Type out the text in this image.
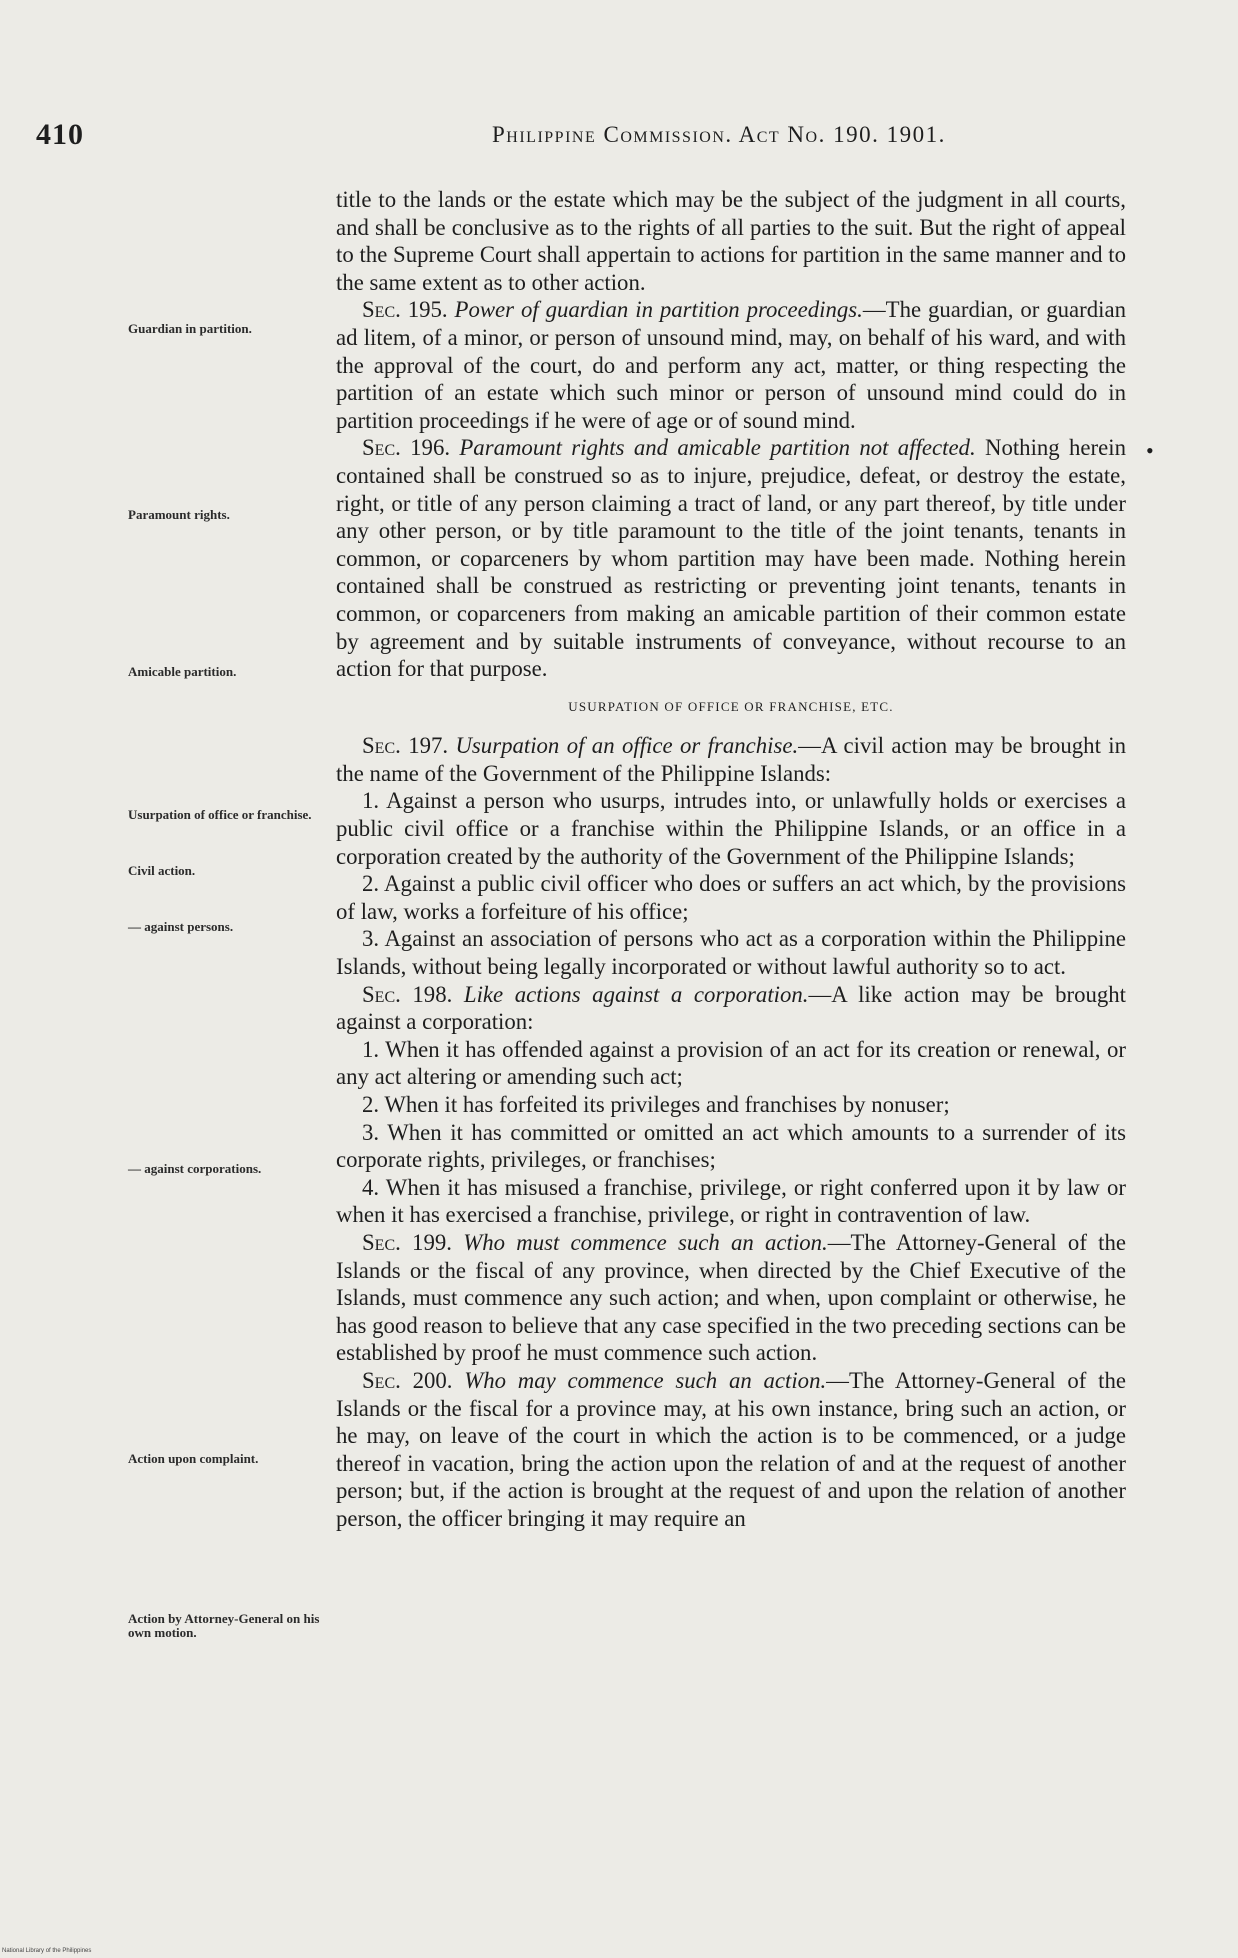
410	Philippine Commission. Act No. 190. 1901.
Guardian in partition.
Paramount rights.
Amicable partition.
Usurpation of office or franchise.
Civil action.
— against persons.
— against corporations.
Action upon complaint.
Action by Attorney-General on his own motion.
•

title to the lands or the estate which may be the subject of the judgment in all courts, and shall be conclusive as to the rights of all parties to the suit. But the right of appeal to the Supreme Court shall appertain to actions for partition in the same manner and to the same extent as to other action.

Sec. 195. Power of guardian in partition proceedings.—The guardian, or guardian ad litem, of a minor, or person of unsound mind, may, on behalf of his ward, and with the approval of the court, do and perform any act, matter, or thing respecting the partition of an estate which such minor or person of unsound mind could do in partition proceedings if he were of age or of sound mind.

Sec. 196. Paramount rights and amicable partition not affected. Nothing herein contained shall be construed so as to injure, prejudice, defeat, or destroy the estate, right, or title of any person claiming a tract of land, or any part thereof, by title under any other person, or by title paramount to the title of the joint tenants, tenants in common, or coparceners by whom partition may have been made. Nothing herein contained shall be construed as restricting or preventing joint tenants, tenants in common, or coparceners from making an amicable partition of their common estate by agreement and by suitable instruments of conveyance, without recourse to an action for that purpose.

USURPATION OF OFFICE OR FRANCHISE, ETC.

Sec. 197. Usurpation of an office or franchise.—A civil action may be brought in the name of the Government of the Philippine Islands:

1. Against a person who usurps, intrudes into, or unlawfully holds or exercises a public civil office or a franchise within the Philippine Islands, or an office in a corporation created by the authority of the Government of the Philippine Islands;

2. Against a public civil officer who does or suffers an act which, by the provisions of law, works a forfeiture of his office;

3. Against an association of persons who act as a corporation within the Philippine Islands, without being legally incorporated or without lawful authority so to act.

Sec. 198. Like actions against a corporation.—A like action may be brought against a corporation:

1. When it has offended against a provision of an act for its creation or renewal, or any act altering or amending such act;

2. When it has forfeited its privileges and franchises by nonuser;

3. When it has committed or omitted an act which amounts to a surrender of its corporate rights, privileges, or franchises;

4. When it has misused a franchise, privilege, or right conferred upon it by law or when it has exercised a franchise, privilege, or right in contravention of law.

Sec. 199. Who must commence such an action.—The Attorney-General of the Islands or the fiscal of any province, when directed by the Chief Executive of the Islands, must commence any such action; and when, upon complaint or otherwise, he has good reason to believe that any case specified in the two preceding sections can be established by proof he must commence such action.

Sec. 200. Who may commence such an action.—The Attorney-General of the Islands or the fiscal for a province may, at his own instance, bring such an action, or he may, on leave of the court in which the action is to be commenced, or a judge thereof in vacation, bring the action upon the relation of and at the request of another person; but, if the action is brought at the request of and upon the relation of another person, the officer bringing it may require an

National Library of the Philippines
